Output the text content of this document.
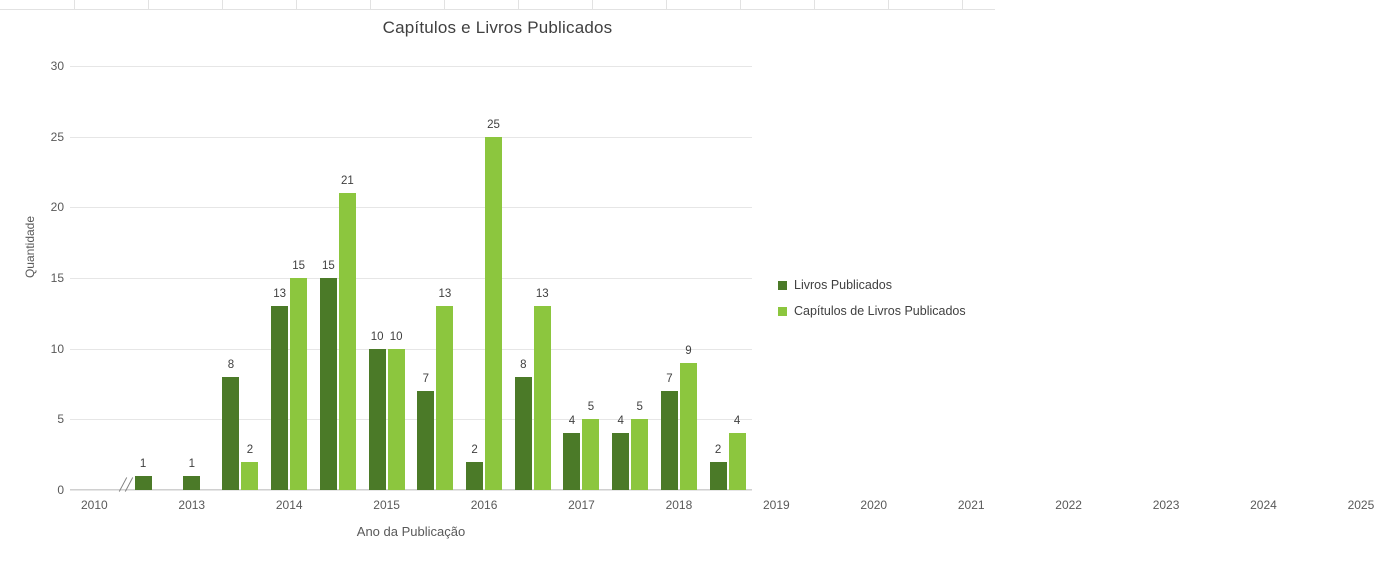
Capítulos e Livros Publicados
Quantidade
0
5
10
15
20
25
30
2010
1
2013
1
2014
8
2
2015
13
15
2016
15
21
2017
10 10
2018
7
13
2019
2
25
2020
8
13
2021
4
5
2022
4
5
2023
7
9
2024
2
4
2025
Ano da Publicação
Livros Publicados
Capítulos de Livros Publicados
